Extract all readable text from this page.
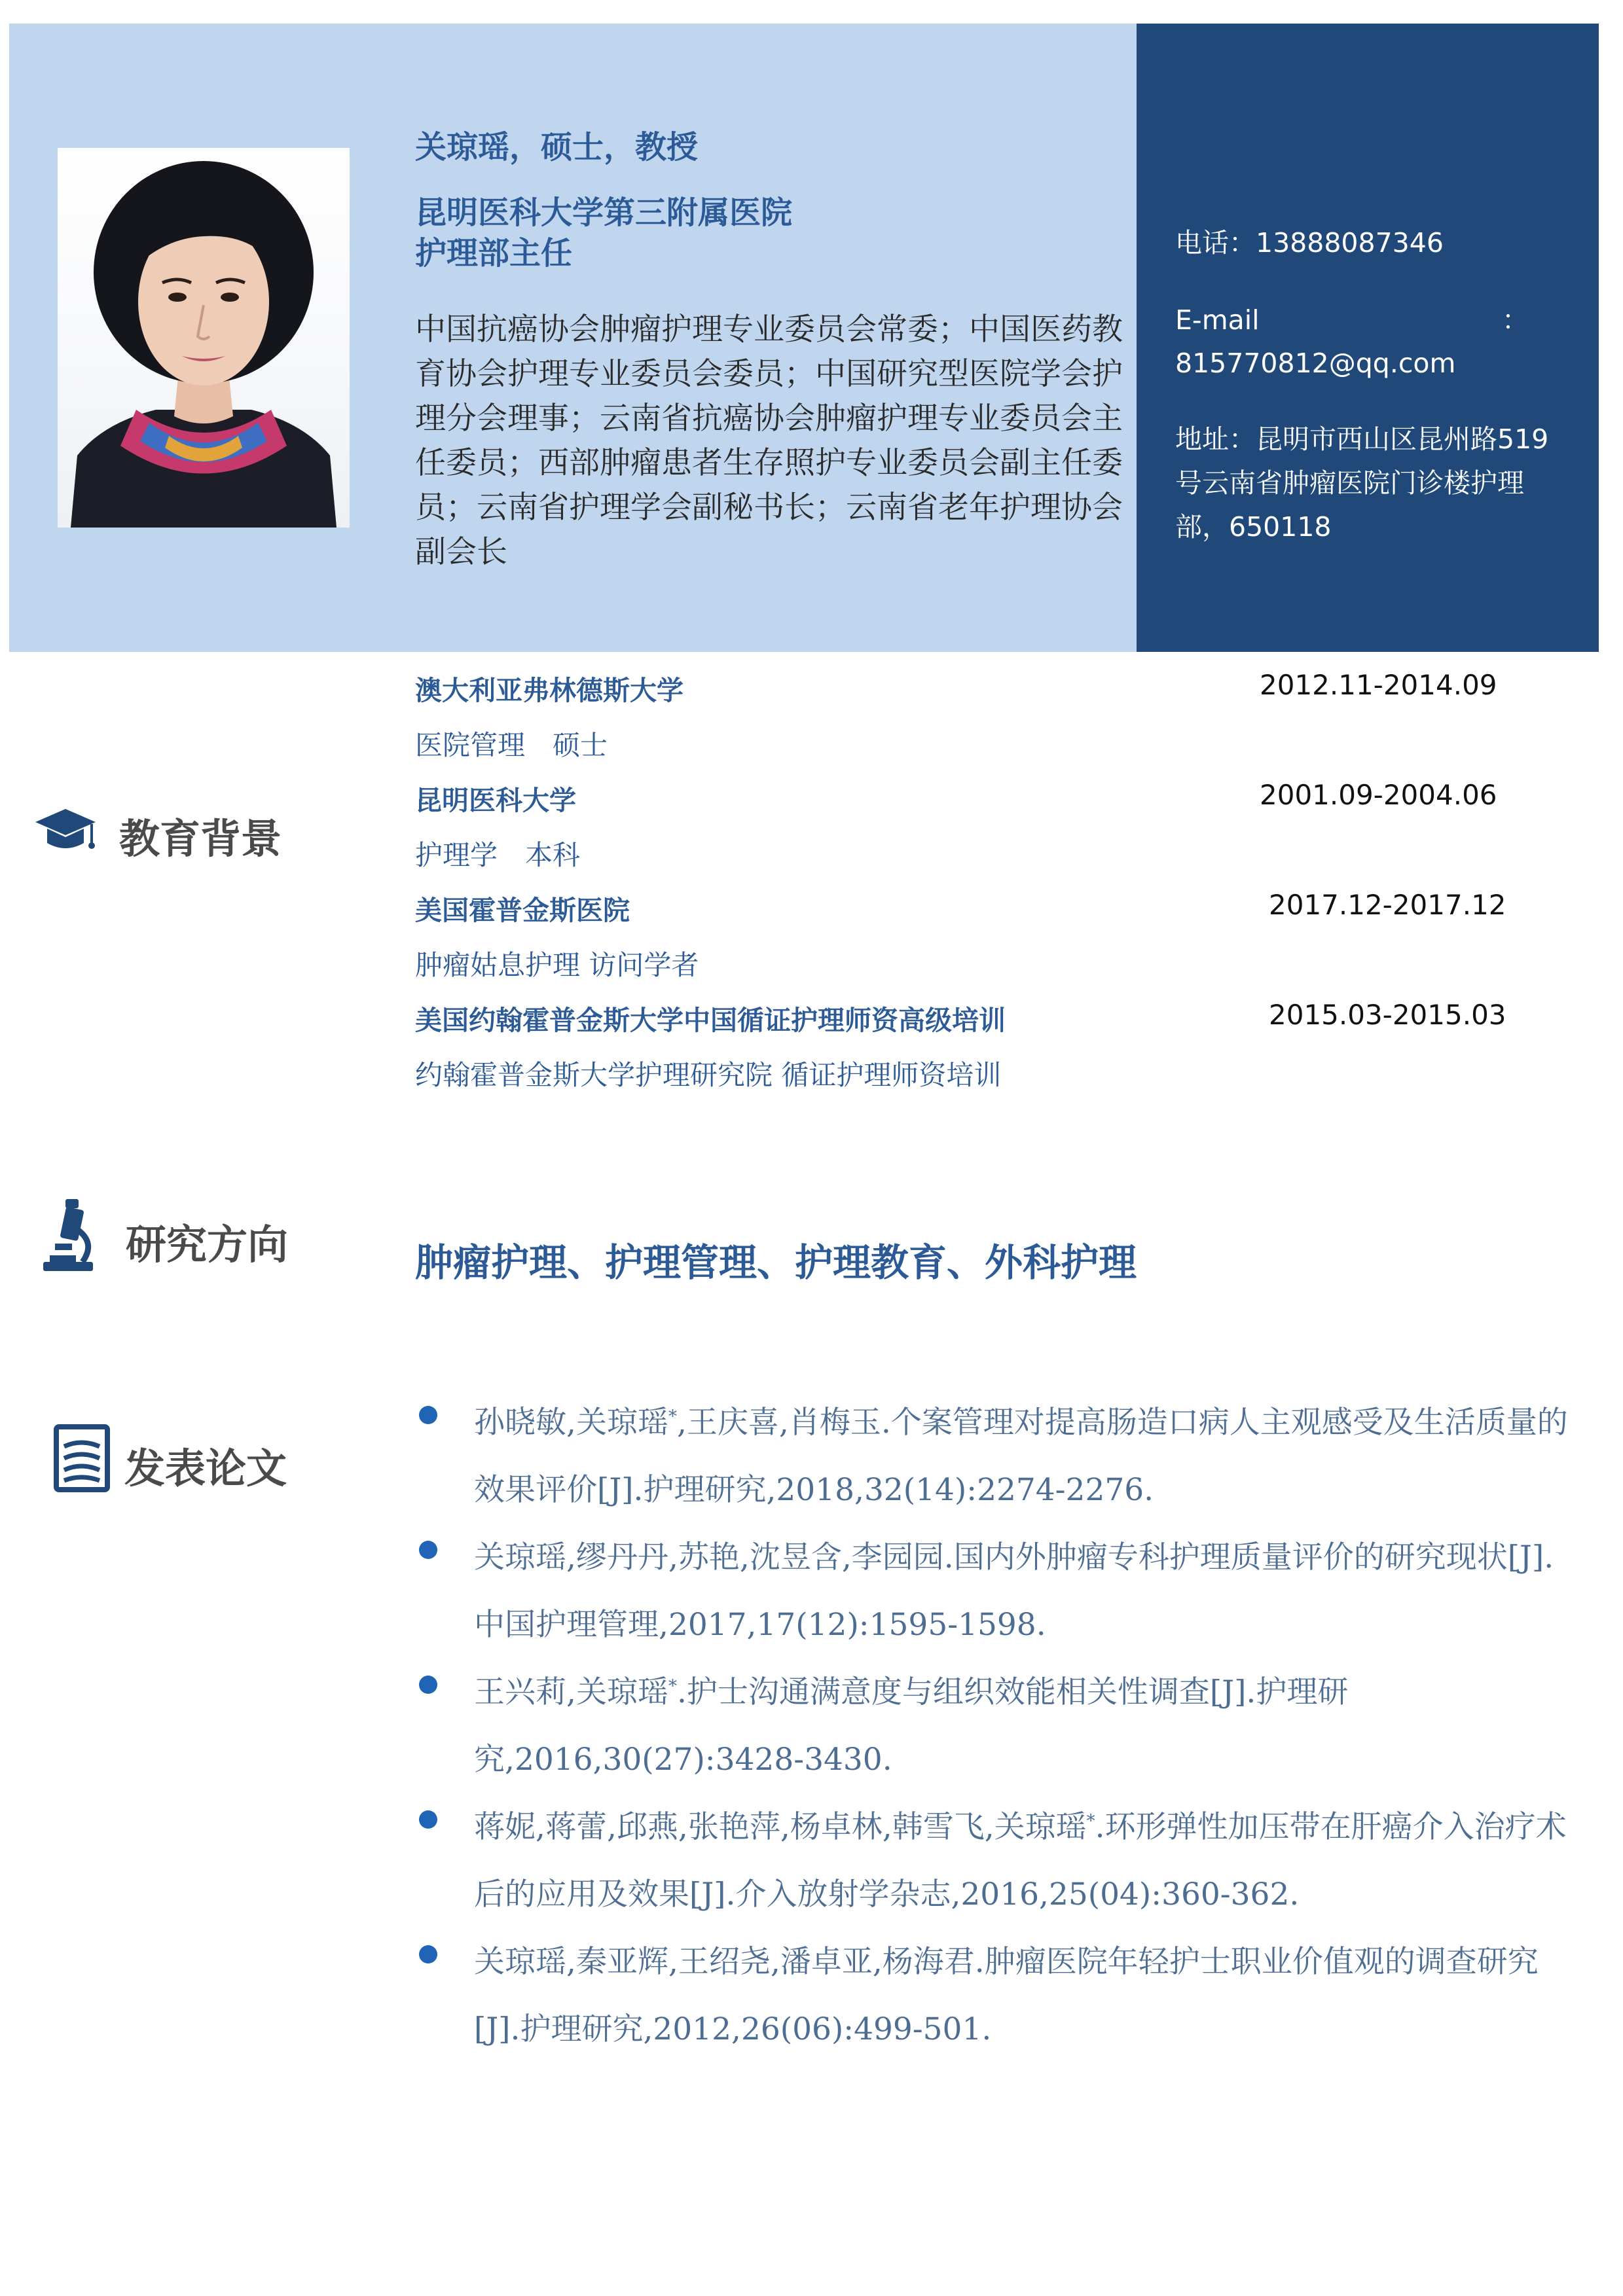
关琼瑶，硕士，教授
昆明医科大学第三附属医院
护理部主任
中国抗癌协会肿瘤护理专业委员会常委；中国医药教育协会护理专业委员会委员；中国研究型医院学会护理分会理事；云南省抗癌协会肿瘤护理专业委员会主任委员；西部肿瘤患者生存照护专业委员会副主任委员；云南省护理学会副秘书长；云南省老年护理协会副会长
电话：13888087346
E-mail	：
815770812@qq.com
地址：昆明市西山区昆州路519号云南省肿瘤医院门诊楼护理部，650118
教育背景
澳大利亚弗林德斯大学	2012.11-2014.09
医院管理　硕士
昆明医科大学	2001.09-2004.06
护理学　本科
美国霍普金斯医院	2017.12-2017.12
肿瘤姑息护理 访问学者
美国约翰霍普金斯大学中国循证护理师资高级培训	2015.03-2015.03
约翰霍普金斯大学护理研究院 循证护理师资培训
研究方向	肿瘤护理、护理管理、护理教育、外科护理
发表论文
孙晓敏,关琼瑶*,王庆喜,肖梅玉.个案管理对提高肠造口病人主观感受及生活质量的效果评价[J].护理研究,2018,32(14):2274-2276.
关琼瑶,缪丹丹,苏艳,沈昱含,李园园.国内外肿瘤专科护理质量评价的研究现状[J].中国护理管理,2017,17(12):1595-1598.
王兴莉,关琼瑶*.护士沟通满意度与组织效能相关性调查[J].护理研究,2016,30(27):3428-3430.
蒋妮,蒋蕾,邱燕,张艳萍,杨卓林,韩雪飞,关琼瑶*.环形弹性加压带在肝癌介入治疗术后的应用及效果[J].介入放射学杂志,2016,25(04):360-362.
关琼瑶,秦亚辉,王绍尧,潘卓亚,杨海君.肿瘤医院年轻护士职业价值观的调查研究[J].护理研究,2012,26(06):499-501.
